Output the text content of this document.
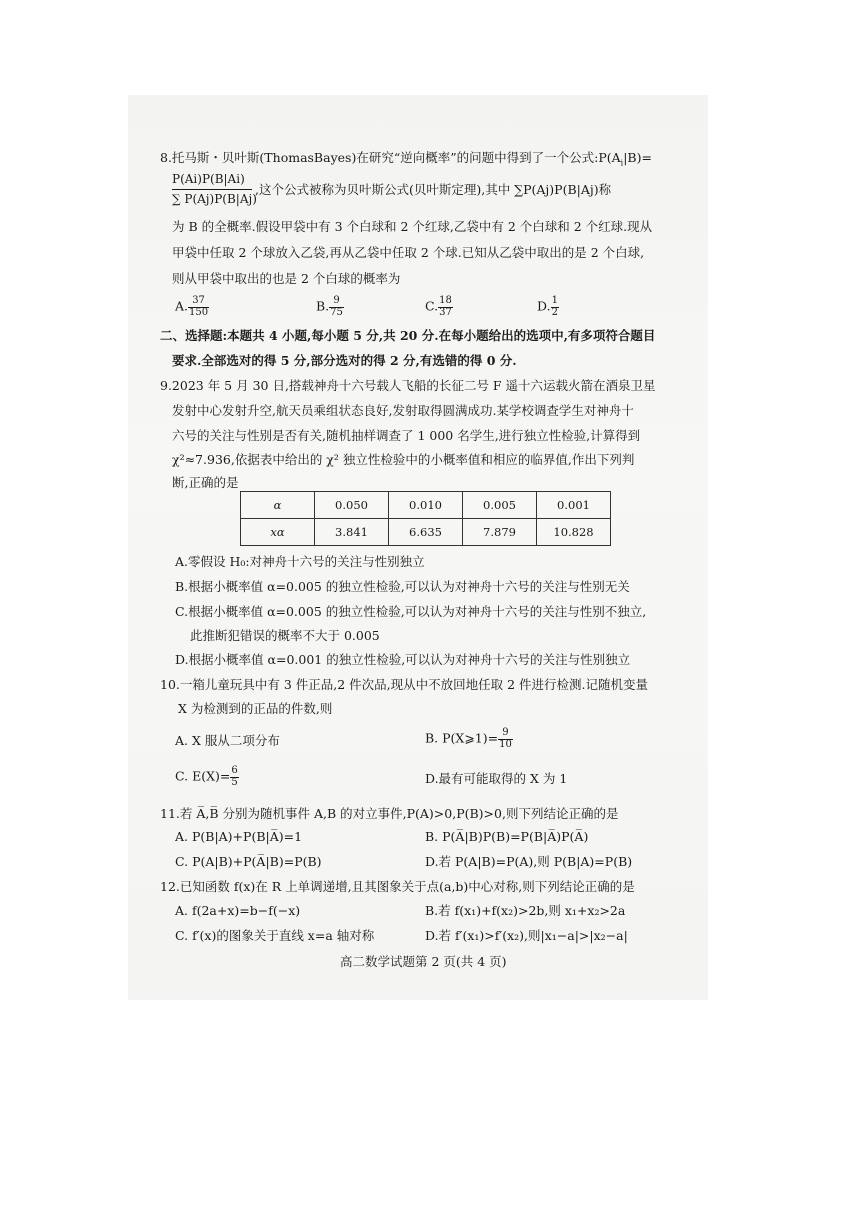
8.托马斯・贝叶斯(ThomasBayes)在研究“逆向概率”的问题中得到了一个公式$:P(A_i|B)=$
P(Ai)P(B|Ai)
∑ P(Aj)P(B|Aj)
,这个公式被称为贝叶斯公式(贝叶斯定理),其中 ∑P(Aj)P(B|Aj)称
为 B 的全概率.假设甲袋中有 3 个白球和 2 个红球,乙袋中有 2 个白球和 2 个红球.现从
甲袋中任取 2 个球放入乙袋,再从乙袋中任取 2 个球.已知从乙袋中取出的是 2 个白球,
则从甲袋中取出的也是 2 个白球的概率为
A. $\frac{37}{150}$	B. $\frac{9}{75}$	C. $\frac{18}{37}$	D. $\frac{1}{2}$
二、选择题:本题共 4 小题,每小题 5 分,共 20 分.在每小题给出的选项中,有多项符合题目
要求.全部选对的得 5 分,部分选对的得 2 分,有选错的得 0 分.
9.2023 年 5 月 30 日,搭载神舟十六号载人飞船的长征二号 F 遥十六运载火箭在酒泉卫星
发射中心发射升空,航天员乘组状态良好,发射取得圆满成功.某学校调查学生对神舟十
六号的关注与性别是否有关,随机抽样调查了 1 000 名学生,进行独立性检验,计算得到
χ²≈7.936,依据表中给出的 χ² 独立性检验中的小概率值和相应的临界值,作出下列判
断,正确的是
α	0.050	0.010	0.005	0.001
xα	3.841	6.635	7.879	10.828
A.零假设 H₀:对神舟十六号的关注与性别独立
B.根据小概率值 α=0.005 的独立性检验,可以认为对神舟十六号的关注与性别无关
C.根据小概率值 α=0.005 的独立性检验,可以认为对神舟十六号的关注与性别不独立,
此推断犯错误的概率不大于 0.005
D.根据小概率值 α=0.001 的独立性检验,可以认为对神舟十六号的关注与性别独立
10.一箱儿童玩具中有 3 件正品,2 件次品,现从中不放回地任取 2 件进行检测.记随机变量
X 为检测到的正品的件数,则
A. X 服从二项分布	B. P(X⩾1)= $\frac{9}{10}$
C. $E(X)= \frac{6}{5}$	D.最有可能取得的 X 为 1
11.若 A̅,B̅ 分别为随机事件 A,B 的对立事件,P(A)>0,P(B)>0,则下列结论正确的是
A. P(B|A)+P(B|A̅)=1	B. P(A̅|B)P(B)=P(B|A̅)P(A̅)
C. P(A|B)+P(A̅|B)=P(B)	D.若 P(A|B)=P(A),则 P(B|A)=P(B)
12.已知函数 f(x)在 R 上单调递增,且其图象关于点(a,b)中心对称,则下列结论正确的是
A. f(2a+x)=b−f(−x)	B.若 f(x₁)+f(x₂)>2b,则 x₁+x₂>2a
C. f′(x)的图象关于直线 x=a 轴对称	D.若 f′(x₁)>f′(x₂),则|x₁−a|>|x₂−a|
高二数学试题第 2 页(共 4 页)
